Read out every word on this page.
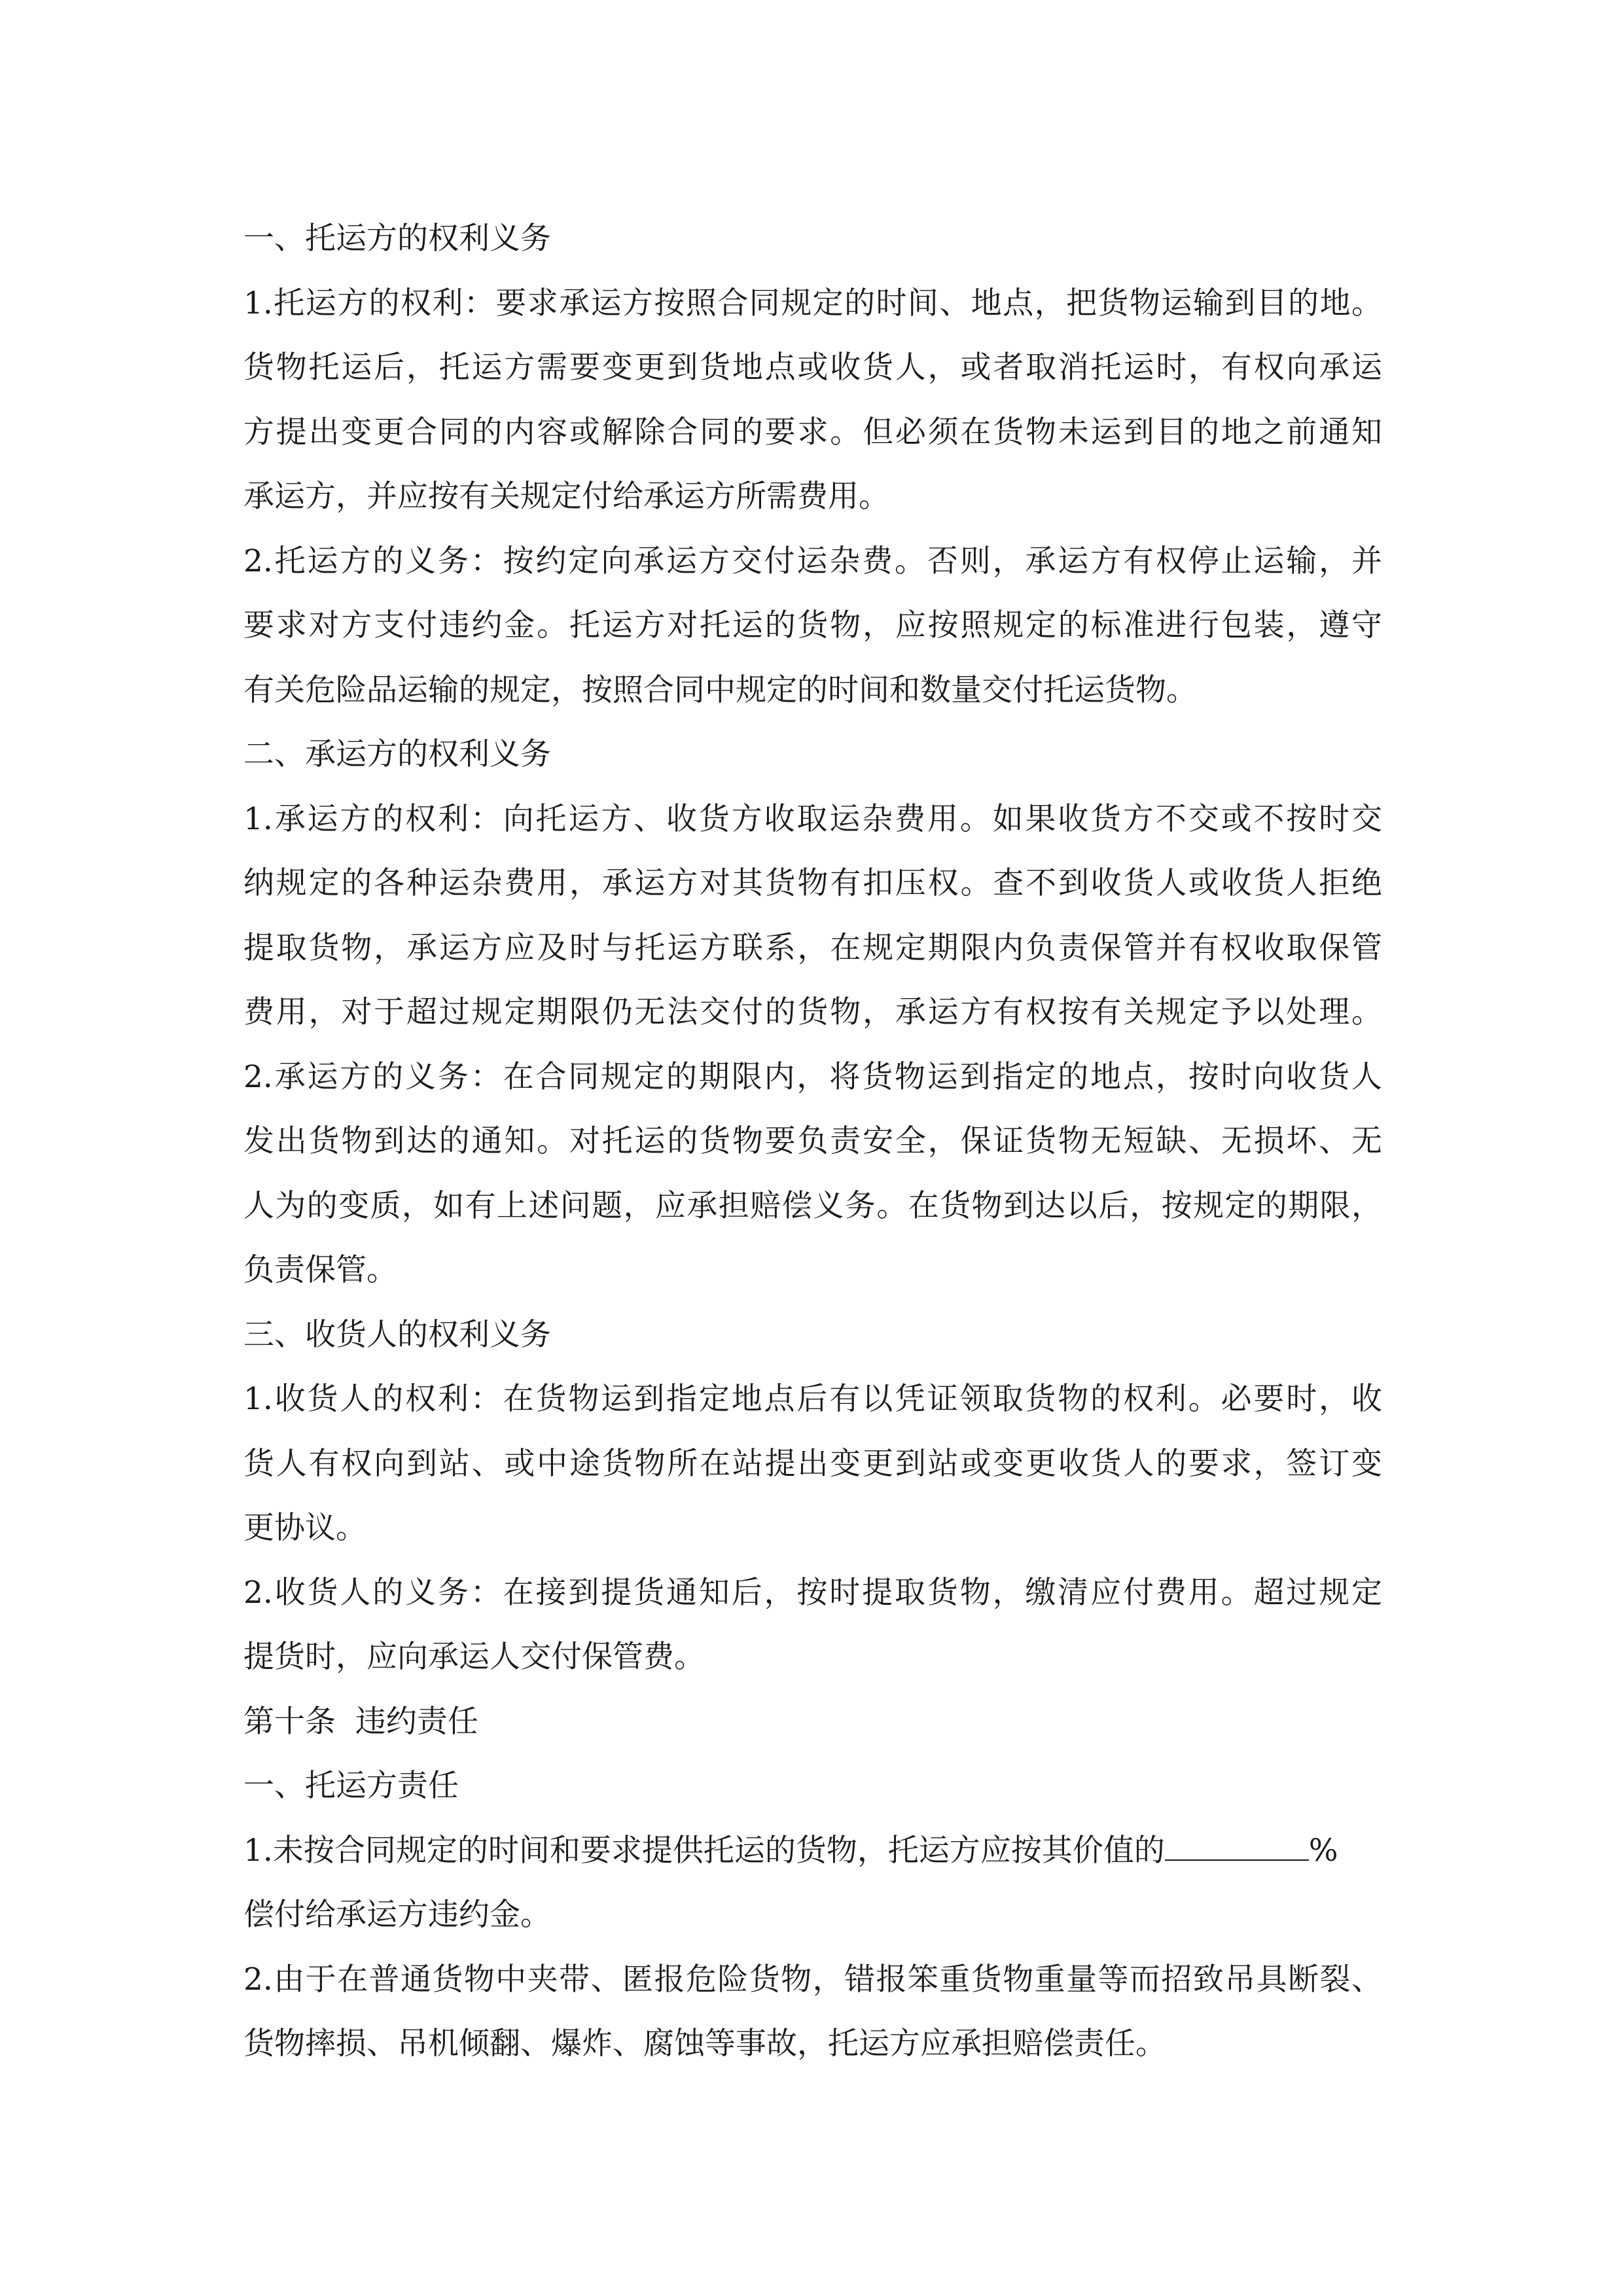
一、托运方的权利义务
1.托运方的权利：要求承运方按照合同规定的时间、地点，把货物运输到目的地。
货物托运后，托运方需要变更到货地点或收货人，或者取消托运时，有权向承运
方提出变更合同的内容或解除合同的要求。但必须在货物未运到目的地之前通知
承运方，并应按有关规定付给承运方所需费用。
2.托运方的义务：按约定向承运方交付运杂费。否则，承运方有权停止运输，并
要求对方支付违约金。托运方对托运的货物，应按照规定的标准进行包装，遵守
有关危险品运输的规定，按照合同中规定的时间和数量交付托运货物。
二、承运方的权利义务
1.承运方的权利：向托运方、收货方收取运杂费用。如果收货方不交或不按时交
纳规定的各种运杂费用，承运方对其货物有扣压权。查不到收货人或收货人拒绝
提取货物，承运方应及时与托运方联系，在规定期限内负责保管并有权收取保管
费用，对于超过规定期限仍无法交付的货物，承运方有权按有关规定予以处理。
2.承运方的义务：在合同规定的期限内，将货物运到指定的地点，按时向收货人
发出货物到达的通知。对托运的货物要负责安全，保证货物无短缺、无损坏、无
人为的变质，如有上述问题，应承担赔偿义务。在货物到达以后，按规定的期限，
负责保管。
三、收货人的权利义务
1.收货人的权利：在货物运到指定地点后有以凭证领取货物的权利。必要时，收
货人有权向到站、或中途货物所在站提出变更到站或变更收货人的要求，签订变
更协议。
2.收货人的义务：在接到提货通知后，按时提取货物，缴清应付费用。超过规定
提货时，应向承运人交付保管费。
第十条  违约责任
一、托运方责任
1.未按合同规定的时间和要求提供托运的货物，托运方应按其价值的	%
偿付给承运方违约金。
2.由于在普通货物中夹带、匿报危险货物，错报笨重货物重量等而招致吊具断裂、
货物摔损、吊机倾翻、爆炸、腐蚀等事故，托运方应承担赔偿责任。
